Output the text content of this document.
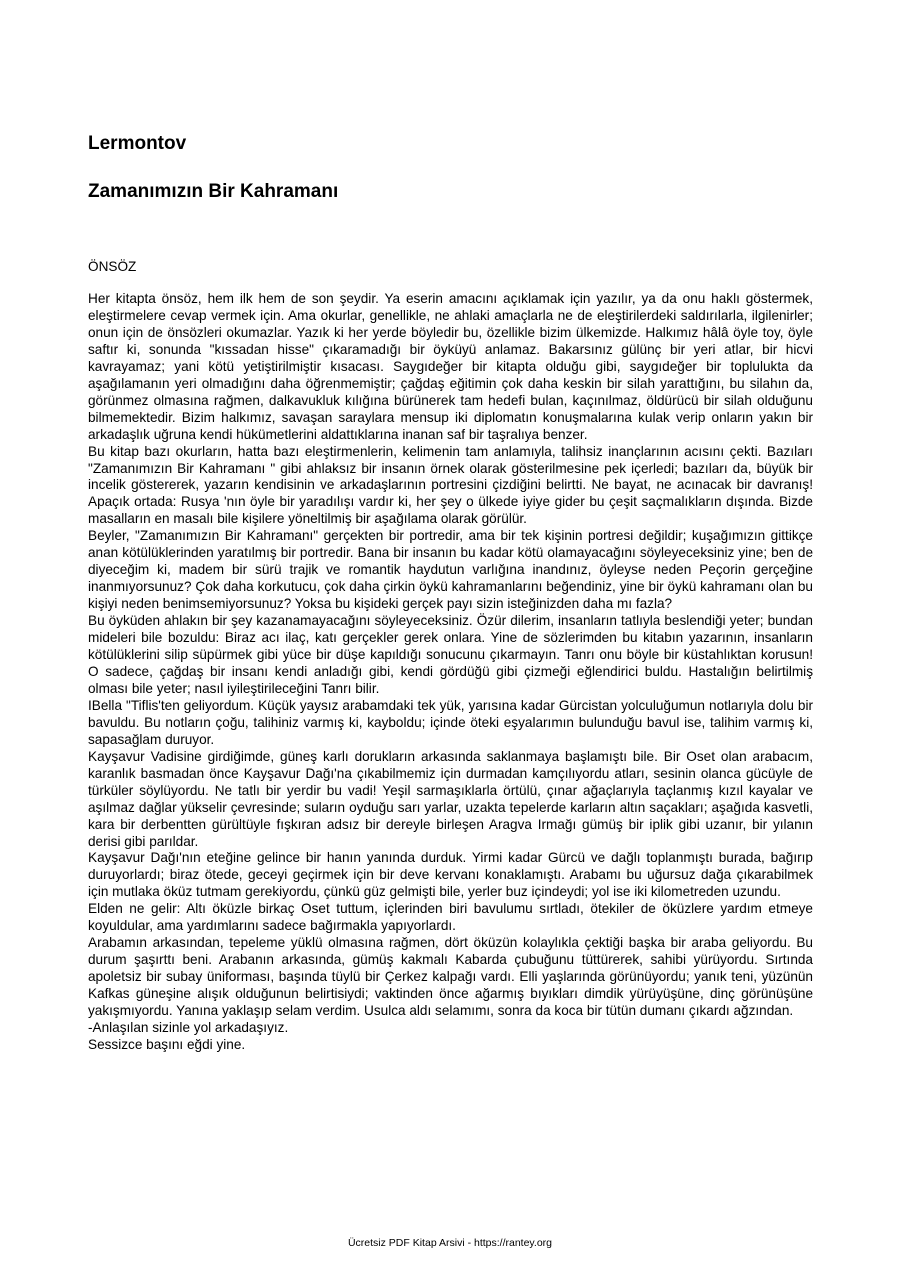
Lermontov
Zamanımızın Bir Kahramanı
ÖNSÖZ

Her kitapta önsöz, hem ilk hem de son şeydir. Ya eserin amacını açıklamak için yazılır, ya da onu haklı göstermek, eleştirmelere cevap vermek için. Ama okurlar, genellikle, ne ahlaki amaçlarla ne de eleştirilerdeki saldırılarla, ilgilenirler; onun için de önsözleri okumazlar. Yazık ki her yerde böyledir bu, özellikle bizim ülkemizde. Halkımız hâlâ öyle toy, öyle saftır ki, sonunda "kıssadan hisse" çıkaramadığı bir öyküyü anlamaz. Bakarsınız gülünç bir yeri atlar, bir hicvi kavrayamaz; yani kötü yetiştirilmiştir kısacası. Saygıdeğer bir kitapta olduğu gibi, saygıdeğer bir toplulukta da aşağılamanın yeri olmadığını daha öğrenmemiştir; çağdaş eğitimin çok daha keskin bir silah yarattığını, bu silahın da, görünmez olmasına rağmen, dalkavukluk kılığına bürünerek tam hedefi bulan, kaçınılmaz, öldürücü bir silah olduğunu bilmemektedir. Bizim halkımız, savaşan saraylara mensup iki diplomatın konuşmalarına kulak verip onların yakın bir arkadaşlık uğruna kendi hükümetlerini aldattıklarına inanan saf bir taşralıya benzer.

Bu kitap bazı okurların, hatta bazı eleştirmenlerin, kelimenin tam anlamıyla, talihsiz inançlarının acısını çekti. Bazıları "Zamanımızın Bir Kahramanı " gibi ahlaksız bir insanın örnek olarak gösterilmesine pek içerledi; bazıları da, büyük bir incelik göstererek, yazarın kendisinin ve arkadaşlarının portresini çizdiğini belirtti. Ne bayat, ne acınacak bir davranış! Apaçık ortada: Rusya 'nın öyle bir yaradılışı vardır ki, her şey o ülkede iyiye gider bu çeşit saçmalıkların dışında. Bizde masalların en masalı bile kişilere yöneltilmiş bir aşağılama olarak görülür.

Beyler, "Zamanımızın Bir Kahramanı" gerçekten bir portredir, ama bir tek kişinin portresi değildir; kuşağımızın gittikçe anan kötülüklerinden yaratılmış bir portredir. Bana bir insanın bu kadar kötü olamayacağını söyleyeceksiniz yine; ben de diyeceğim ki, madem bir sürü trajik ve romantik haydutun varlığına inandınız, öyleyse neden Peçorin gerçeğine inanmıyorsunuz? Çok daha korkutucu, çok daha çirkin öykü kahramanlarını beğendiniz, yine bir öykü kahramanı olan bu kişiyi neden benimsemiyorsunuz? Yoksa bu kişideki gerçek payı sizin isteğinizden daha mı fazla?

Bu öyküden ahlakın bir şey kazanamayacağını söyleyeceksiniz. Özür dilerim, insanların tatlıyla beslendiği yeter; bundan mideleri bile bozuldu: Biraz acı ilaç, katı gerçekler gerek onlara. Yine de sözlerimden bu kitabın yazarının, insanların kötülüklerini silip süpürmek gibi yüce bir düşe kapıldığı sonucunu çıkarmayın. Tanrı onu böyle bir küstahlıktan korusun! O sadece, çağdaş bir insanı kendi anladığı gibi, kendi gördüğü gibi çizmeği eğlendirici buldu. Hastalığın belirtilmiş olması bile yeter; nasıl iyileştirileceğini Tanrı bilir.

IBella "Tiflis'ten geliyordum. Küçük yaysız arabamdaki tek yük, yarısına kadar Gürcistan yolculuğumun notlarıyla dolu bir bavuldu. Bu notların çoğu, talihiniz varmış ki, kayboldu; içinde öteki eşyalarımın bulunduğu bavul ise, talihim varmış ki, sapasağlam duruyor.

Kayşavur Vadisine girdiğimde, güneş karlı dorukların arkasında saklanmaya başlamıştı bile. Bir Oset olan arabacım, karanlık basmadan önce Kayşavur Dağı'na çıkabilmemiz için durmadan kamçılıyordu atları, sesinin olanca gücüyle de türküler söylüyordu. Ne tatlı bir yerdir bu vadi! Yeşil sarmaşıklarla örtülü, çınar ağaçlarıyla taçlanmış kızıl kayalar ve aşılmaz dağlar yükselir çevresinde; suların oyduğu sarı yarlar, uzakta tepelerde karların altın saçakları; aşağıda kasvetli, kara bir derbentten gürültüyle fışkıran adsız bir dereyle birleşen Aragva Irmağı gümüş bir iplik gibi uzanır, bir yılanın derisi gibi parıldar.

Kayşavur Dağı'nın eteğine gelince bir hanın yanında durduk. Yirmi kadar Gürcü ve dağlı toplanmıştı burada, bağırıp duruyorlardı; biraz ötede, geceyi geçirmek için bir deve kervanı konaklamıştı. Arabamı bu uğursuz dağa çıkarabilmek için mutlaka öküz tutmam gerekiyordu, çünkü güz gelmişti bile, yerler buz içindeydi; yol ise iki kilometreden uzundu.

Elden ne gelir: Altı öküzle birkaç Oset tuttum, içlerinden biri bavulumu sırtladı, ötekiler de öküzlere yardım etmeye koyuldular, ama yardımlarını sadece bağırmakla yapıyorlardı.

Arabamın arkasından, tepeleme yüklü olmasına rağmen, dört öküzün kolaylıkla çektiği başka bir araba geliyordu. Bu durum şaşırttı beni. Arabanın arkasında, gümüş kakmalı Kabarda çubuğunu tüttürerek, sahibi yürüyordu. Sırtında apoletsiz bir subay üniforması, başında tüylü bir Çerkez kalpağı vardı. Elli yaşlarında görünüyordu; yanık teni, yüzünün Kafkas güneşine alışık olduğunun belirtisiydi; vaktinden önce ağarmış bıyıkları dimdik yürüyüşüne, dinç görünüşüne yakışmıyordu. Yanına yaklaşıp selam verdim. Usulca aldı selamımı, sonra da koca bir tütün dumanı çıkardı ağzından.

-Anlaşılan sizinle yol arkadaşıyız.

Sessizce başını eğdi yine.

Ücretsiz PDF Kitap Arsivi - https://rantey.org
